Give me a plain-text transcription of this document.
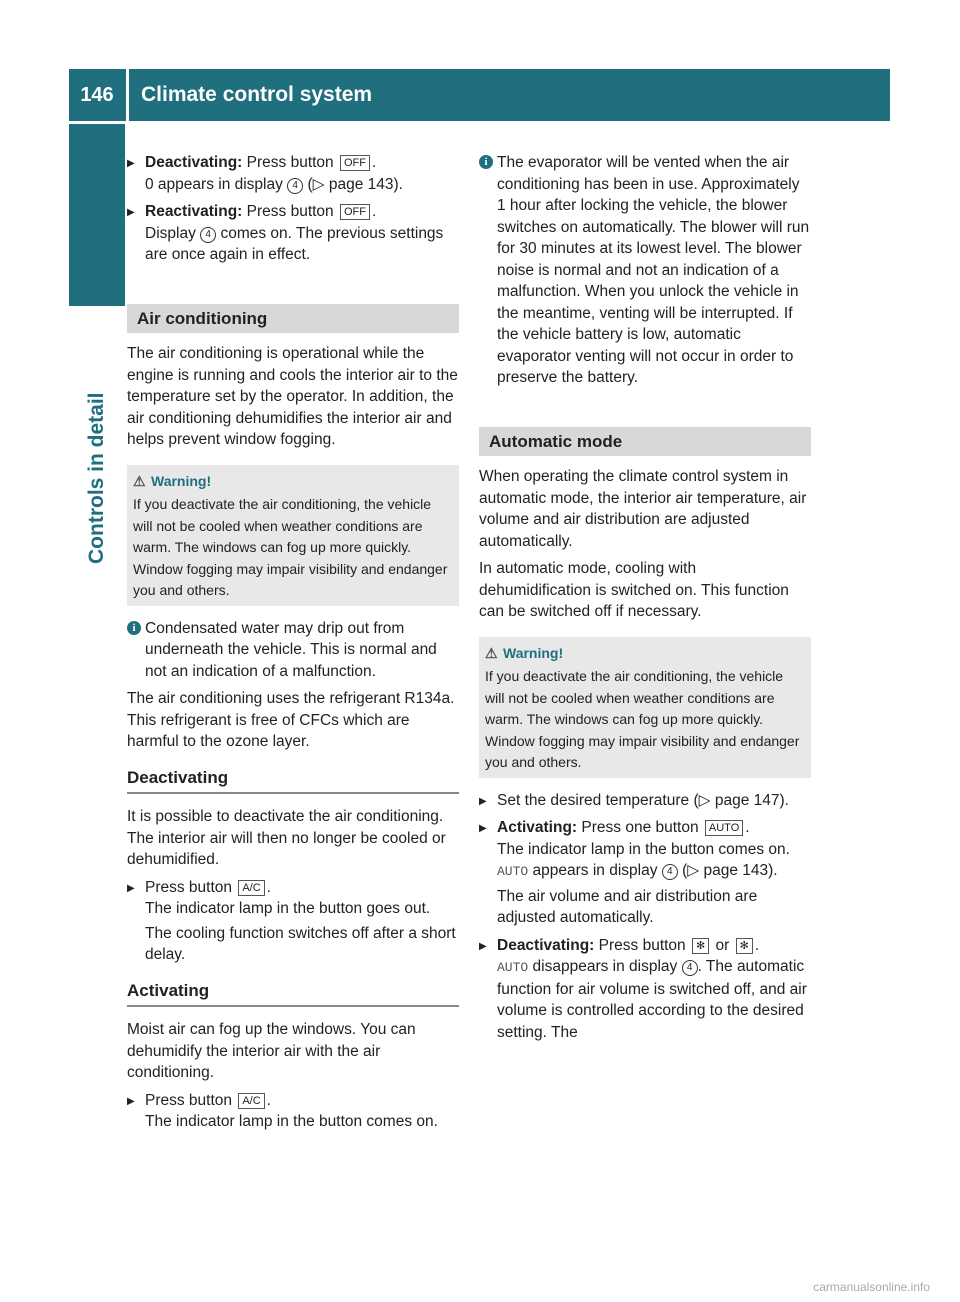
146	Climate control system
Controls in detail
▶
Deactivating: Press button OFF .
0 appears in display 4 (▷ page 143).
▶
Reactivating: Press button OFF .
Display 4 comes on. The previous settings are once again in effect.
Air conditioning

The air conditioning is operational while the engine is running and cools the interior air to the temperature set by the operator. In addition, the air conditioning dehumidifies the interior air and helps prevent window fogging.

⚠ Warning!
If you deactivate the air conditioning, the vehicle will not be cooled when weather conditions are warm. The windows can fog up more quickly. Window fogging may impair visibility and endanger you and others.
i Condensated water may drip out from underneath the vehicle. This is normal and not an indication of a malfunction.

The air conditioning uses the refrigerant R134a. This refrigerant is free of CFCs which are harmful to the ozone layer.

Deactivating

It is possible to deactivate the air conditioning. The interior air will then no longer be cooled or dehumidified.

▶
Press button A/C .
The indicator lamp in the button goes out.
The cooling function switches off after a short delay.
Activating

Moist air can fog up the windows. You can dehumidify the interior air with the air conditioning.

▶
Press button A/C .
The indicator lamp in the button comes on.
i The evaporator will be vented when the air conditioning has been in use. Approximately 1 hour after locking the vehicle, the blower switches on automatically. The blower will run for 30 minutes at its lowest level. The blower noise is normal and not an indication of a malfunction. When you unlock the vehicle in the meantime, venting will be interrupted. If the vehicle battery is low, automatic evaporator venting will not occur in order to preserve the battery.
Automatic mode

When operating the climate control system in automatic mode, the interior air temperature, air volume and air distribution are adjusted automatically.

In automatic mode, cooling with dehumidification is switched on. This function can be switched off if necessary.

⚠ Warning!
If you deactivate the air conditioning, the vehicle will not be cooled when weather conditions are warm. The windows can fog up more quickly. Window fogging may impair visibility and endanger you and others.
▶
Set the desired temperature (▷ page 147).
▶
Activating: Press one button AUTO .
The indicator lamp in the button comes on.
AUTO appears in display 4 (▷ page 143).
The air volume and air distribution are adjusted automatically.
▶
Deactivating: Press button ✻ or ✻ .
AUTO disappears in display 4 . The automatic function for air volume is switched off, and air volume is controlled according to the desired setting. The
carmanualsonline.info
